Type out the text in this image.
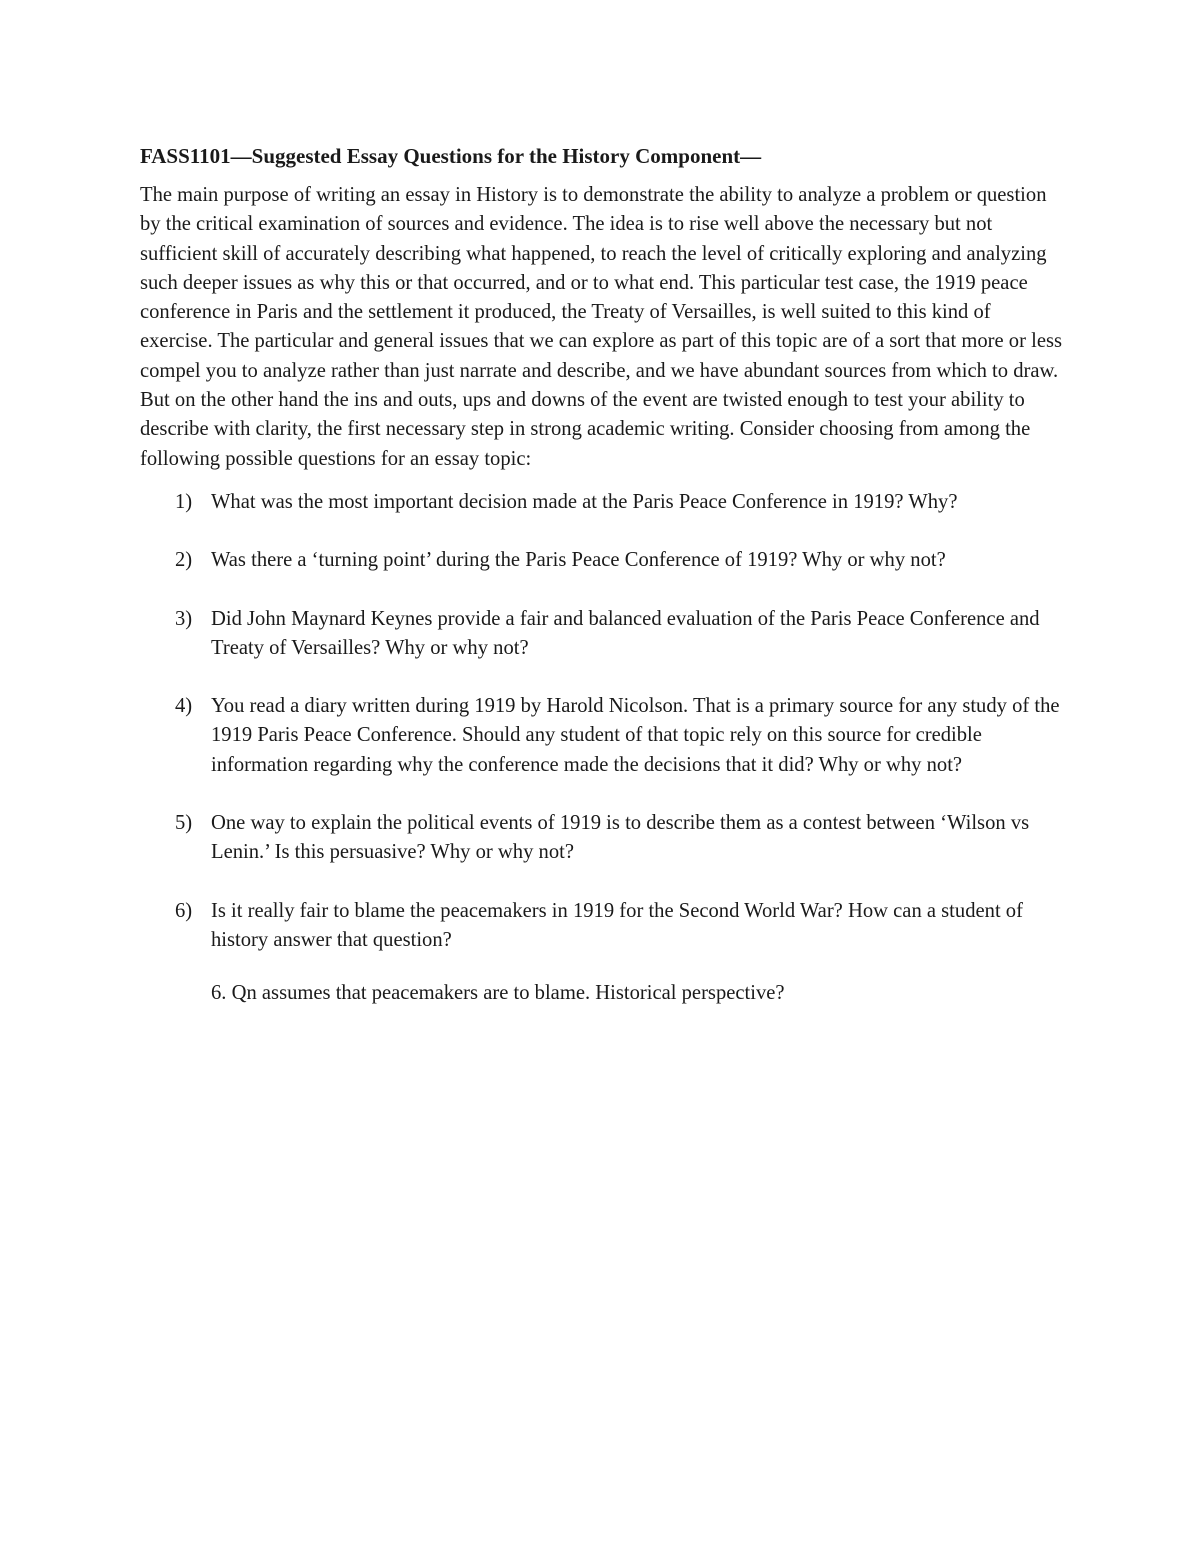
FASS1101—Suggested Essay Questions for the History Component—

The main purpose of writing an essay in History is to demonstrate the ability to analyze a problem or question by the critical examination of sources and evidence. The idea is to rise well above the necessary but not sufficient skill of accurately describing what happened, to reach the level of critically exploring and analyzing such deeper issues as why this or that occurred, and or to what end. This particular test case, the 1919 peace conference in Paris and the settlement it produced, the Treaty of Versailles, is well suited to this kind of exercise. The particular and general issues that we can explore as part of this topic are of a sort that more or less compel you to analyze rather than just narrate and describe, and we have abundant sources from which to draw. But on the other hand the ins and outs, ups and downs of the event are twisted enough to test your ability to describe with clarity, the first necessary step in strong academic writing. Consider choosing from among the following possible questions for an essay topic:

1) What was the most important decision made at the Paris Peace Conference in 1919? Why?
2) Was there a ‘turning point’ during the Paris Peace Conference of 1919? Why or why not?
3) Did John Maynard Keynes provide a fair and balanced evaluation of the Paris Peace Conference and Treaty of Versailles? Why or why not?
4) You read a diary written during 1919 by Harold Nicolson. That is a primary source for any study of the 1919 Paris Peace Conference. Should any student of that topic rely on this source for credible information regarding why the conference made the decisions that it did? Why or why not?
5) One way to explain the political events of 1919 is to describe them as a contest between ‘Wilson vs Lenin.’ Is this persuasive? Why or why not?
6) Is it really fair to blame the peacemakers in 1919 for the Second World War? How can a student of history answer that question?

6. Qn assumes that peacemakers are to blame. Historical perspective?
